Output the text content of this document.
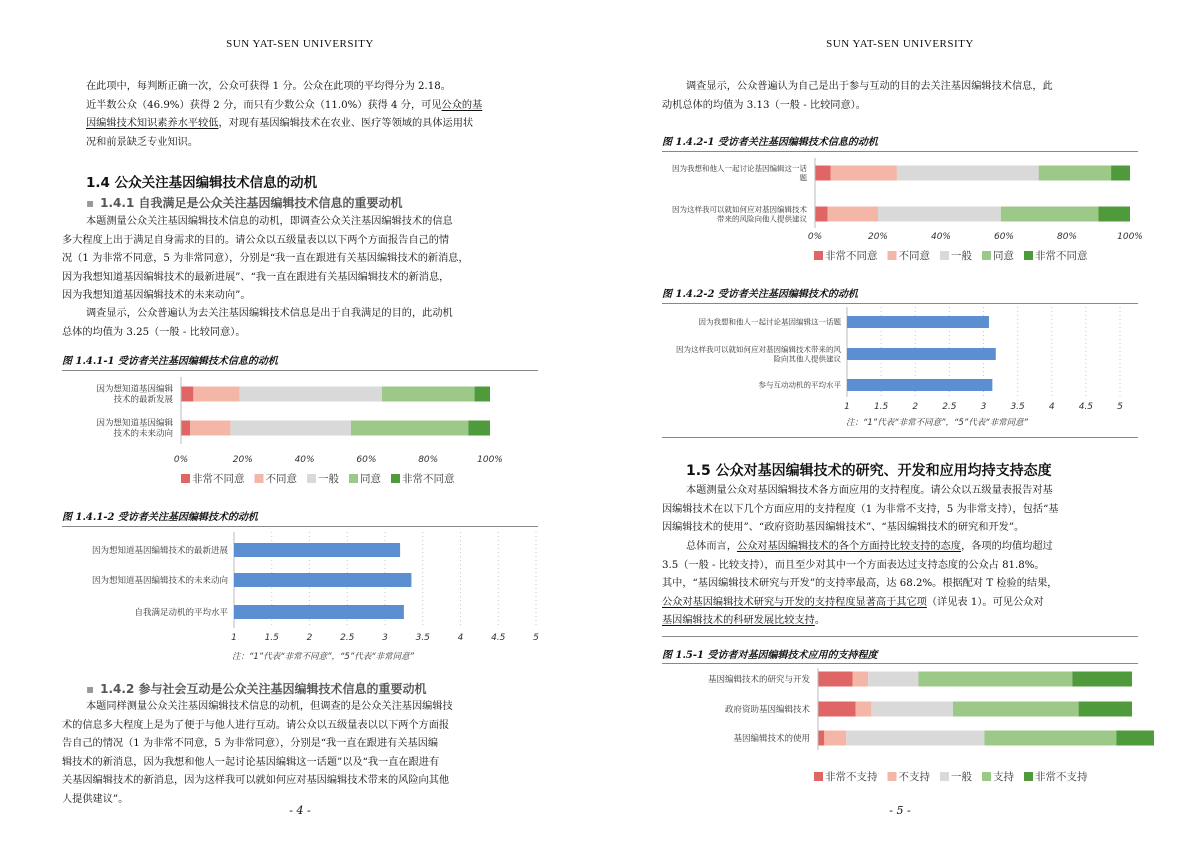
SUN YAT-SEN UNIVERSITY

在此项中，每判断正确一次，公众可获得 1 分。公众在此项的平均得分为 2.18。
近半数公众（46.9%）获得 2 分，而只有少数公众（11.0%）获得 4 分，可见公众的基
因编辑技术知识素养水平较低，对现有基因编辑技术在农业、医疗等领域的具体运用状
况和前景缺乏专业知识。

1.4 公众关注基因编辑技术信息的动机
▪ 1.4.1 自我满足是公众关注基因编辑技术信息的重要动机

本题测量公众关注基因编辑技术信息的动机，即调查公众关注基因编辑技术的信息
多大程度上出于满足自身需求的目的。请公众以五级量表以以下两个方面报告自己的情
况（1 为非常不同意，5 为非常同意），分别是“我一直在跟进有关基因编辑技术的新消息，
因为我想知道基因编辑技术的最新进展”、“我一直在跟进有关基因编辑技术的新消息，
因为我想知道基因编辑技术的未来动向”。

调查显示，公众普遍认为去关注基因编辑技术信息是出于自我满足的目的，此动机
总体的均值为 3.25（一般 - 比较同意）。

图 1.4.1-1 受访者关注基因编辑技术信息的动机
因为想知道基因编辑技术的最新发展
因为想知道基因编辑技术的未来动向
0%	20%	40%	60%	80%	100%
非常不同意 不同意 一般 同意 非常不同意
图 1.4.1-2 受访者关注基因编辑技术的动机
1	1.5	2	2.5	3	3.5	4	4.5	5
因为想知道基因编辑技术的最新进展
因为想知道基因编辑技术的未来动向
自我满足动机的平均水平
注：“1”代表“非常不同意”，“5”代表“非常同意”
▪ 1.4.2 参与社会互动是公众关注基因编辑技术信息的重要动机

本题同样测量公众关注基因编辑技术信息的动机，但调查的是公众关注基因编辑技
术的信息多大程度上是为了便于与他人进行互动。请公众以五级量表以以下两个方面报
告自己的情况（1 为非常不同意，5 为非常同意），分别是“我一直在跟进有关基因编
辑技术的新消息，因为我想和他人一起讨论基因编辑这一话题”以及“我一直在跟进有
关基因编辑技术的新消息，因为这样我可以就如何应对基因编辑技术带来的风险向其他
人提供建议”。

- 4 -
SUN YAT-SEN UNIVERSITY

调查显示，公众普遍认为自己是出于参与互动的目的去关注基因编辑技术信息，此
动机总体的均值为 3.13（一般 - 比较同意）。

图 1.4.2-1 受访者关注基因编辑技术信息的动机
因为我想和他人一起讨论基因编辑这一话题
因为这样我可以就如何应对基因编辑技术带来的风险向他人提供建议
0%	20%	40%	60%	80%	100%
非常不同意 不同意 一般 同意 非常不同意
图 1.4.2-2 受访者关注基因编辑技术的动机
1	1.5	2	2.5	3	3.5	4	4.5	5
因为我想和他人一起讨论基因编辑这一话题
因为这样我可以就如何应对基因编辑技术带来的风险向其他人提供建议
参与互动动机的平均水平
注：“1”代表“非常不同意”，“5”代表“非常同意”
1.5 公众对基因编辑技术的研究、开发和应用均持支持态度

本题测量公众对基因编辑技术各方面应用的支持程度。请公众以五级量表报告对基
因编辑技术在以下几个方面应用的支持程度（1 为非常不支持，5 为非常支持），包括“基
因编辑技术的使用”、“政府资助基因编辑技术”、“基因编辑技术的研究和开发”。

总体而言，公众对基因编辑技术的各个方面持比较支持的态度，各项的均值均超过
3.5（一般 - 比较支持），而且至少对其中一个方面表达过支持态度的公众占 81.8%。
其中，“基因编辑技术研究与开发”的支持率最高，达 68.2%。根据配对 T 检验的结果，
公众对基因编辑技术研究与开发的支持程度显著高于其它项（详见表 1）。可见公众对
基因编辑技术的科研发展比较支持。

图 1.5-1 受访者对基因编辑技术应用的支持程度
基因编辑技术的研究与开发
政府资助基因编辑技术
基因编辑技术的使用
非常不支持 不支持 一般 支持 非常不支持
- 5 -
